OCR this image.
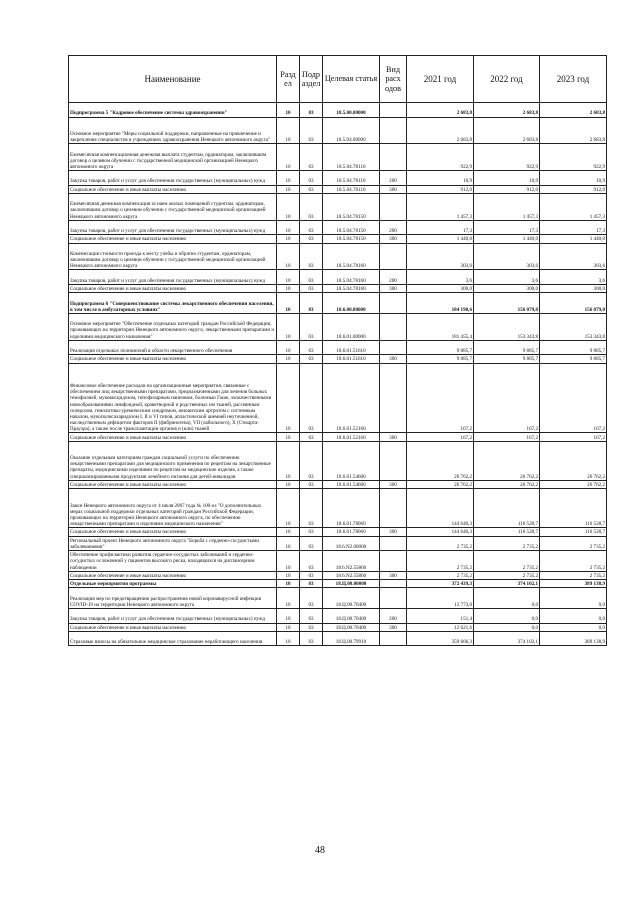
Наименование	Разд ел	Подр аздел	Целевая статья	Вид расх одов	2021 год	2022 год	2023 год
Подпрограмма 5 "Кадровое обеспечение системы здравоохранения"	10	03	18.5.00.00000		2 683,8	2 683,8	2 683,8
Основное мероприятие "Меры социальной поддержки, направленные на привлечение и закрепление специалистов в учреждениях здравоохранения Ненецкого автономного округа"	10	03	18.5.04.00000		2 683,8	2 683,8	2 683,8
Ежемесячная компенсационная денежная выплата студентам, ординаторам, заключившим договор о целевом обучении с государственной медицинской организацией Ненецкого автономного округа	10	03	18.5.04.78110		922,9	922,9	922,9
Закупка товаров, работ и услуг для обеспечения государственных (муниципальных) нужд	10	03	18.5.04.78110	200	10,9	10,9	10,9
Социальное обеспечение и иные выплаты населению	10	03	18.5.04.78110	300	912,0	912,0	912,0
Ежемесячная денежная компенсация за наем жилых помещений студентам, ординаторам, заключившим договор о целевом обучении с государственной медицинской организацией Ненецкого автономного округа	10	03	18.5.04.78150		1 457,3	1 457,3	1 457,3
Закупка товаров, работ и услуг для обеспечения государственных (муниципальных) нужд	10	03	18.5.04.78150	200	17,3	17,3	17,3
Социальное обеспечение и иные выплаты населению	10	03	18.5.04.78150	300	1 440,0	1 440,0	1 440,0
Компенсация стоимости проезда к месту учебы и обратно студентам, ординаторам, заключившим договор о целевом обучении с государственной медицинской организацией Ненецкого автономного округа	10	03	18.5.04.78160		303,6	303,6	303,6
Закупка товаров, работ и услуг для обеспечения государственных (муниципальных) нужд	10	03	18.5.04.78160	200	3,6	3,6	3,6
Социальное обеспечение и иные выплаты населению	10	03	18.5.04.78160	300	300,0	300,0	300,0
Подпрограмма 6 "Совершенствование системы лекарственного обеспечения населения, в том числе в амбулаторных условиях"	10	03	18.6.00.00000		184 190,6	156 079,0	156 079,0
Основное мероприятие "Обеспечение отдельных категорий граждан Российской Федерации, проживающих на территории Ненецкого автономного округа, лекарственными препаратами и изделиями медицинского назначения"	10	03	18.6.01.00000		181 455,4	153 343,8	153 343,8
Реализация отдельных полномочий в области лекарственного обеспечения	10	03	18.6.01.51610		9 885,7	9 885,7	9 885,7
Социальное обеспечение и иные выплаты населению	10	03	18.6.01.51610	300	9 885,7	9 885,7	9 885,7
Финансовое обеспечение расходов на организационные мероприятия, связанные с обеспечением лиц лекарственными препаратами, предназначенными для лечения больных гемофилией, муковисцидозом, гипофизарным нанизмом, болезнью Гоше, злокачественными новообразованиями лимфоидной, кроветворной и родственных им тканей, рассеянным склерозом, гемолитико-уремическим синдромом, юношеским артритом с системным началом, мукополисахаридозом I, II и VI типов, апластической анемией неуточненной, наследственным дефицитом факторов II (фибриногена), VII (лабильного), X (Стюарта-Прауэра), а также после трансплантации органов и (или) тканей	10	03	18.6.01.52160		167,2	167,2	167,2
Социальное обеспечение и иные выплаты населению	10	03	18.6.01.52160	300	167,2	167,2	167,2
Оказание отдельным категориям граждан социальной услуги по обеспечению лекарственными препаратами для медицинского применения по рецептам на лекарственные препараты, медицинскими изделиями по рецептам на медицинские изделия, а также специализированными продуктами лечебного питания для детей-инвалидов	10	03	18.6.01.54600		26 762,2	26 762,2	26 762,2
Социальное обеспечение и иные выплаты населению	10	03	18.6.01.54600	300	26 762,2	26 762,2	26 762,2
Закон Ненецкого автономного округа от 4 июля 2007 года № 100-оз "О дополнительных мерах социальной поддержки отдельных категорий граждан Российской Федерации, проживающих на территории Ненецкого автономного округа, по обеспечению лекарственными препаратами и изделиями медицинского назначения"	10	03	18.6.01.78060		144 640,3	116 528,7	116 528,7
Социальное обеспечение и иные выплаты населению	10	03	18.6.01.78060	300	144 640,3	116 528,7	116 528,7
Региональный проект Ненецкого автономного округа "Борьба с сердечно-сосудистыми заболеваниями"	10	03	18.6.N2.00000		2 735,2	2 735,2	2 735,2
Обеспечение профилактики развития сердечно-сосудистых заболеваний и сердечно-сосудистых осложнений у пациентов высокого риска, находящихся на диспансерном наблюдении	10	03	18.6.N2.55860		2 735,2	2 735,2	2 735,2
Социальное обеспечение и иные выплаты населению	10	03	18.6.N2.55860	300	2 735,2	2 735,2	2 735,2
Отдельные мероприятия программы	10	03	18.Ц.00.00000		372 439,3	374 102,1	389 138,9
Реализация мер по предотвращению распространения новой коронавирусной инфекции COVID-19 на территории Ненецкого автономного округа	10	03	18.Ц.00.70400		12 773,0	0,0	0,0
Закупка товаров, работ и услуг для обеспечения государственных (муниципальных) нужд	10	03	18.Ц.00.70400	200	151,4	0,0	0,0
Социальное обеспечение и иные выплаты населению	10	03	18.Ц.00.70400	300	12 621,6	0,0	0,0
Страховые взносы на обязательное медицинское страхование неработающего населения	10	03	18.Ц.00.79910		359 666,3	374 102,1	389 138,9
48
